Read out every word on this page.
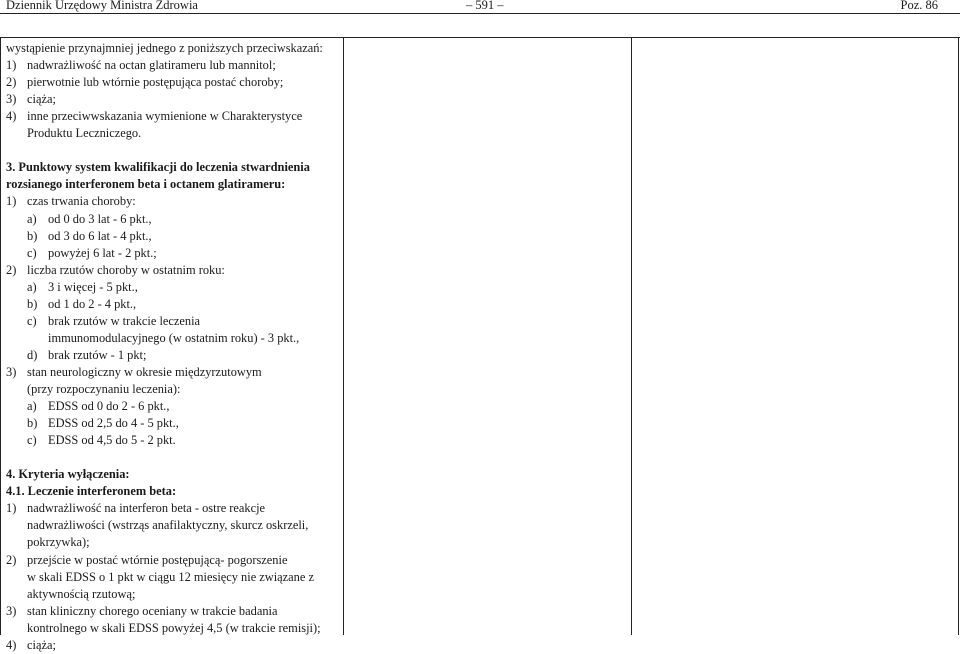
Dziennik Urzędowy Ministra Zdrowia	– 591 –	Poz. 86
wystąpienie przynajmniej jednego z poniższych przeciwskazań:
1) nadwrażliwość na octan glatirameru lub mannitol;
2) pierwotnie lub wtórnie postępująca postać choroby;
3) ciąża;
4) inne przeciwwskazania wymienione w Charakterystyce
Produktu Leczniczego.
3. Punktowy system kwalifikacji do leczenia stwardnienia
rozsianego interferonem beta i octanem glatirameru:
1) czas trwania choroby:
a) od 0 do 3 lat - 6 pkt.,
b) od 3 do 6 lat - 4 pkt.,
c) powyżej 6 lat - 2 pkt.;
2) liczba rzutów choroby w ostatnim roku:
a) 3 i więcej - 5 pkt.,
b) od 1 do 2 - 4 pkt.,
c) brak rzutów w trakcie leczenia
immunomodulacyjnego (w ostatnim roku) - 3 pkt.,
d) brak rzutów - 1 pkt;
3) stan neurologiczny w okresie międzyrzutowym
(przy rozpoczynaniu leczenia):
a) EDSS od 0 do 2 - 6 pkt.,
b) EDSS od 2,5 do 4 - 5 pkt.,
c) EDSS od 4,5 do 5 - 2 pkt.
4. Kryteria wyłączenia:
4.1. Leczenie interferonem beta:
1) nadwrażliwość na interferon beta - ostre reakcje
nadwrażliwości (wstrząs anafilaktyczny, skurcz oskrzeli,
pokrzywka);
2) przejście w postać wtórnie postępującą- pogorszenie
w skali EDSS o 1 pkt w ciągu 12 miesięcy nie związane z
aktywnością rzutową;
3) stan kliniczny chorego oceniany w trakcie badania
kontrolnego w skali EDSS powyżej 4,5 (w trakcie remisji);
4) ciąża;
